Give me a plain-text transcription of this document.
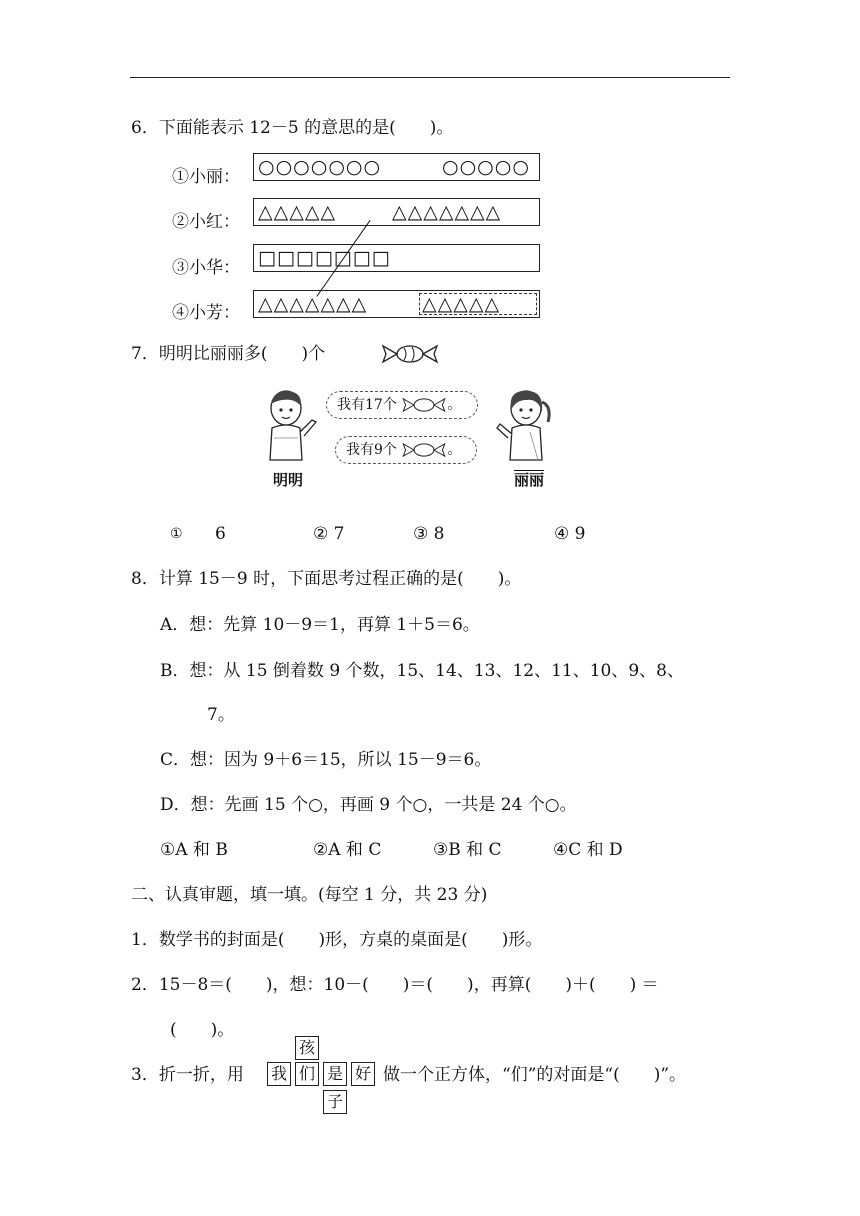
6．下面能表示 12－5 的意思的是(　　)。
①小丽： ○○○○○○○	○○○○○
②小红： △△△△△	△△△△△△△
③小华： □□□□□□□
④小芳： △△△△△△△	△△△△△
7．明明比丽丽多(　　)个
我有17个	。
我有9个	。
明明	丽丽
① 6	② 7	③ 8	④ 9
8．计算 15－9 时，下面思考过程正确的是(　　)。
A．想：先算 10－9＝1，再算 1＋5＝6。
B．想：从 15 倒着数 9 个数，15、14、13、12、11、10、9、8、
7。
C．想：因为 9＋6＝15，所以 15－9＝6。
D．想：先画 15 个○，再画 9 个○，一共是 24 个○。
①A 和 B	②A 和 C	③B 和 C	④C 和 D
二、认真审题，填一填。(每空 1 分，共 23 分)
1．数学书的封面是(　　)形，方桌的桌面是(　　)形。
2．15－8＝(　　)，想：10－(　　)＝(　　)，再算(　　)＋(　　) ＝
(　　)。
孩
我 们 是 好
子
3．折一折，用	做一个正方体，“们”的对面是“(　　)”。
